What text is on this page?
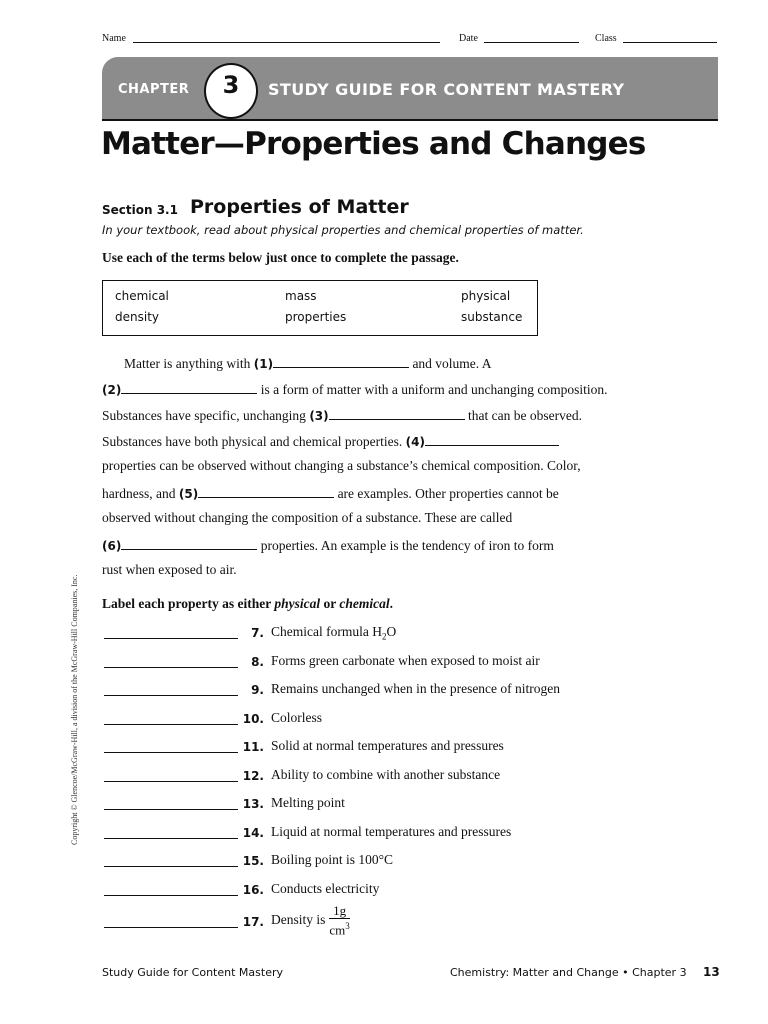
Name	Date	Class
CHAPTER	3	STUDY GUIDE FOR CONTENT MASTERY
Matter—Properties and Changes
Section 3.1 Properties of Matter
In your textbook, read about physical properties and chemical properties of matter.
Use each of the terms below just once to complete the passage.
chemical	mass	physical
density	properties	substance
Matter is anything with (1)	and volume. A
(2)	is a form of matter with a uniform and unchanging composition.
Substances have specific, unchanging (3)	that can be observed.
Substances have both physical and chemical properties. (4)
properties can be observed without changing a substance’s chemical composition. Color,
hardness, and (5)	are examples. Other properties cannot be
observed without changing the composition of a substance. These are called
(6)	properties. An example is the tendency of iron to form
rust when exposed to air.
Label each property as either physical or chemical.
7. Chemical formula $H_2O$
8. Forms green carbonate when exposed to moist air
9. Remains unchanged when in the presence of nitrogen
10. Colorless
11. Solid at normal temperatures and pressures
12. Ability to combine with another substance
13. Melting point
14. Liquid at normal temperatures and pressures
15. Boiling point is 100°C
16. Conducts electricity
17. Density is $\frac{1g}{cm^3}$
Copyright © Glencoe/McGraw-Hill, a division of the McGraw-Hill Companies, Inc.
Study Guide for Content Mastery	Chemistry: Matter and Change • Chapter 3 13
